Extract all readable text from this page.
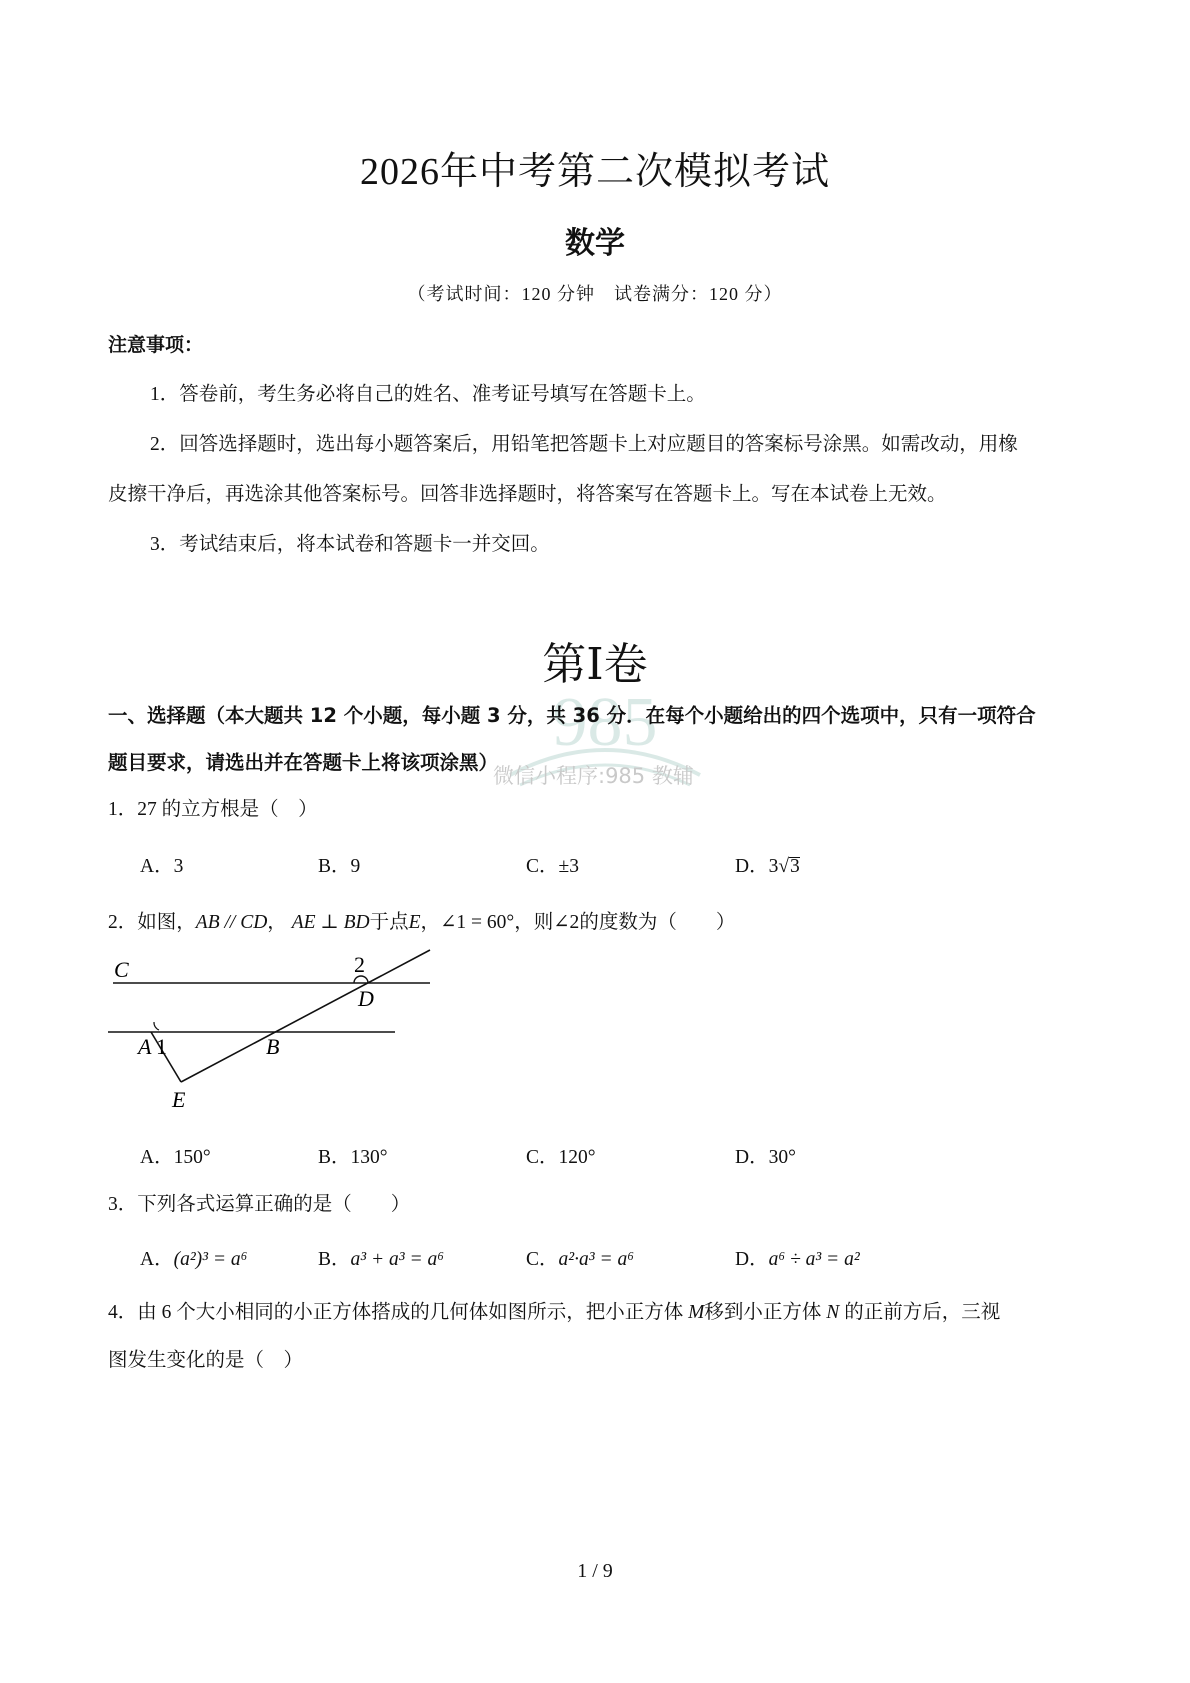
985
微信小程序:985 教辅
2026年中考第二次模拟考试
数学
（考试时间：120 分钟　试卷满分：120 分）
注意事项：
1．答卷前，考生务必将自己的姓名、准考证号填写在答题卡上。
2．回答选择题时，选出每小题答案后，用铅笔把答题卡上对应题目的答案标号涂黑。如需改动，用橡
皮擦干净后，再选涂其他答案标号。回答非选择题时，将答案写在答题卡上。写在本试卷上无效。
3．考试结束后，将本试卷和答题卡一并交回。
第Ⅰ卷
一、选择题（本大题共 12 个小题，每小题 3 分，共 36 分．在每个小题给出的四个选项中，只有一项符合
题目要求，请选出并在答题卡上将该项涂黑）
1．27 的立方根是（　）
A．3	B．9	C．±3	D．3√3
2．如图，AB // CD， AE ⊥ BD于点E，∠1 = 60°，则∠2的度数为（　　）
C	2
D
A 1	B
E
A．150°	B．130°	C．120°	D．30°
3．下列各式运算正确的是（　　）
A．(a²)³ = a⁶	B．a³ + a³ = a⁶	C．a²·a³ = a⁶	D．a⁶ ÷ a³ = a²
4．由 6 个大小相同的小正方体搭成的几何体如图所示，把小正方体 M移到小正方体 N 的正前方后，三视
图发生变化的是（　）
1 / 9
